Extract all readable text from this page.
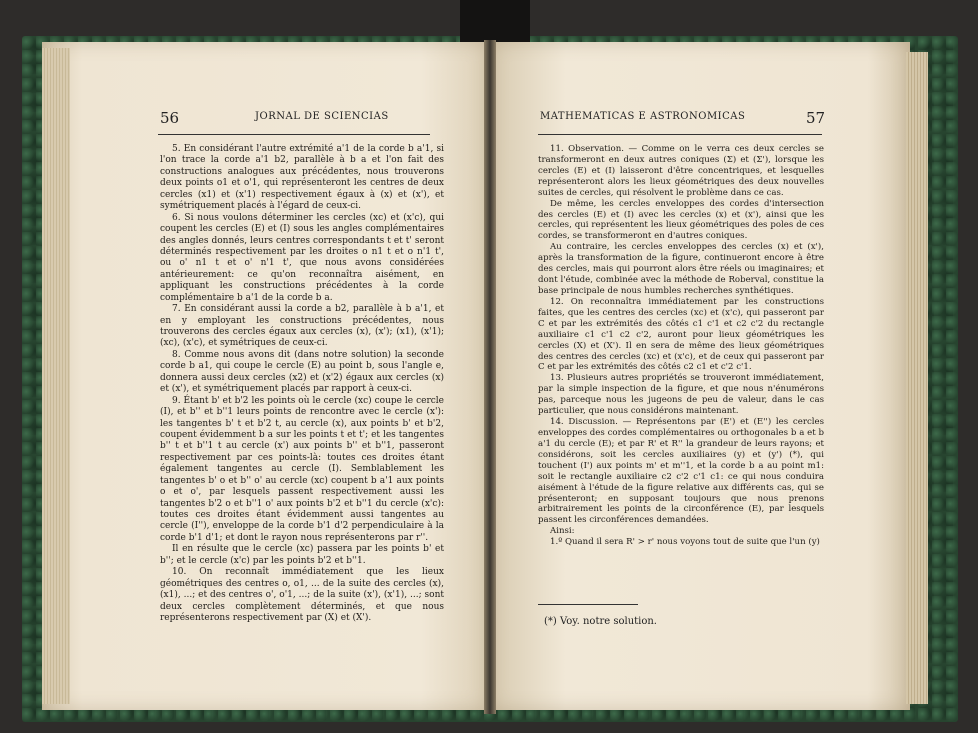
56	JORNAL DE SCIENCIAS

5. En considérant l'autre extrémité a'1 de la corde b a'1, si l'on trace la corde a'1 b2, parallèle à b a et l'on fait des constructions analogues aux précédentes, nous trouverons deux points o1 et o'1, qui représenteront les centres de deux cercles (x1) et (x'1) respectivement égaux à (x) et (x'), et symétriquement placés à l'égard de ceux-ci.

6. Si nous voulons déterminer les cercles (xc) et (x'c), qui coupent les cercles (E) et (I) sous les angles complémentaires des angles donnés, leurs centres correspondants t et t' seront déterminés respectivement par les droites o n1 t et o n'1 t', ou o' n1 t et o' n'1 t', que nous avons considérées antérieurement: ce qu'on reconnaîtra aisément, en appliquant les constructions précédentes à la corde complémentaire b a'1 de la corde b a.

7. En considérant aussi la corde a b2, parallèle à b a'1, et en y employant les constructions précédentes, nous trouverons des cercles égaux aux cercles (x), (x'); (x1), (x'1); (xc), (x'c), et symétriques de ceux-ci.

8. Comme nous avons dit (dans notre solution) la seconde corde b a1, qui coupe le cercle (E) au point b, sous l'angle e, donnera aussi deux cercles (x2) et (x'2) égaux aux cercles (x) et (x'), et symétriquement placés par rapport à ceux-ci.

9. Étant b' et b'2 les points où le cercle (xc) coupe le cercle (I), et b'' et b''1 leurs points de rencontre avec le cercle (x'): les tangentes b' t et b'2 t, au cercle (x), aux points b' et b'2, coupent évidemment b a sur les points t et t'; et les tangentes b'' t et b''1 t au cercle (x') aux points b'' et b''1, passeront respectivement par ces points-là: toutes ces droites étant également tangentes au cercle (I). Semblablement les tangentes b' o et b'' o' au cercle (xc) coupent b a'1 aux points o et o', par lesquels passent respectivement aussi les tangentes b'2 o et b''1 o' aux points b'2 et b''1 du cercle (x'c): toutes ces droites étant évidemment aussi tangentes au cercle (I''), enveloppe de la corde b'1 d'2 perpendiculaire à la corde b'1 d'1; et dont le rayon nous représenterons par r''.

Il en résulte que le cercle (xc) passera par les points b' et b''; et le cercle (x'c) par les points b'2 et b''1.

10. On reconnaît immédiatement que les lieux géométriques des centres o, o1, ... de la suite des cercles (x), (x1), ...; et des centres o', o'1, ...; de la suite (x'), (x'1), ...; sont deux cercles complètement déterminés, et que nous représenterons respectivement par (X) et (X').

MATHEMATICAS E ASTRONOMICAS	57

11. Observation. — Comme on le verra ces deux cercles se transformeront en deux autres coniques (Σ) et (Σ'), lorsque les cercles (E) et (I) laisseront d'être concentriques, et lesquelles représenteront alors les lieux géométriques des deux nouvelles suites de cercles, qui résolvent le problème dans ce cas.

De même, les cercles enveloppes des cordes d'intersection des cercles (E) et (I) avec les cercles (x) et (x'), ainsi que les cercles, qui représentent les lieux géométriques des poles de ces cordes, se transformeront en d'autres coniques.

Au contraire, les cercles enveloppes des cercles (x) et (x'), après la transformation de la figure, continueront encore à être des cercles, mais qui pourront alors être réels ou imaginaires; et dont l'étude, combinée avec la méthode de Roberval, constitue la base principale de nous humbles recherches synthétiques.

12. On reconnaîtra immédiatement par les constructions faites, que les centres des cercles (xc) et (x'c), qui passeront par C et par les extrémités des côtés c1 c'1 et c2 c'2 du rectangle auxiliaire c1 c'1 c2 c'2, auront pour lieux géométriques les cercles (X) et (X'). Il en sera de même des lieux géométriques des centres des cercles (xc) et (x'c), et de ceux qui passeront par C et par les extrémités des côtés c2 c1 et c'2 c'1.

13. Plusieurs autres propriétés se trouveront immédiatement, par la simple inspection de la figure, et que nous n'énumérons pas, parceque nous les jugeons de peu de valeur, dans le cas particulier, que nous considérons maintenant.

14. Discussion. — Représentons par (E') et (E'') les cercles enveloppes des cordes complémentaires ou orthogonales b a et b a'1 du cercle (E); et par R' et R'' la grandeur de leurs rayons; et considérons, soit les cercles auxiliaires (y) et (y') (*), qui touchent (I') aux points m' et m''1, et la corde b a au point m1: soit le rectangle auxiliaire c2 c'2 c'1 c1: ce qui nous conduira aisément à l'étude de la figure relative aux différents cas, qui se présenteront; en supposant toujours que nous prenons arbitrairement les points de la circonférence (E), par lesquels passent les circonférences demandées.

Ainsi:

1.º Quand il sera R' > r' nous voyons tout de suite que l'un (y)

(*) Voy. notre solution.
